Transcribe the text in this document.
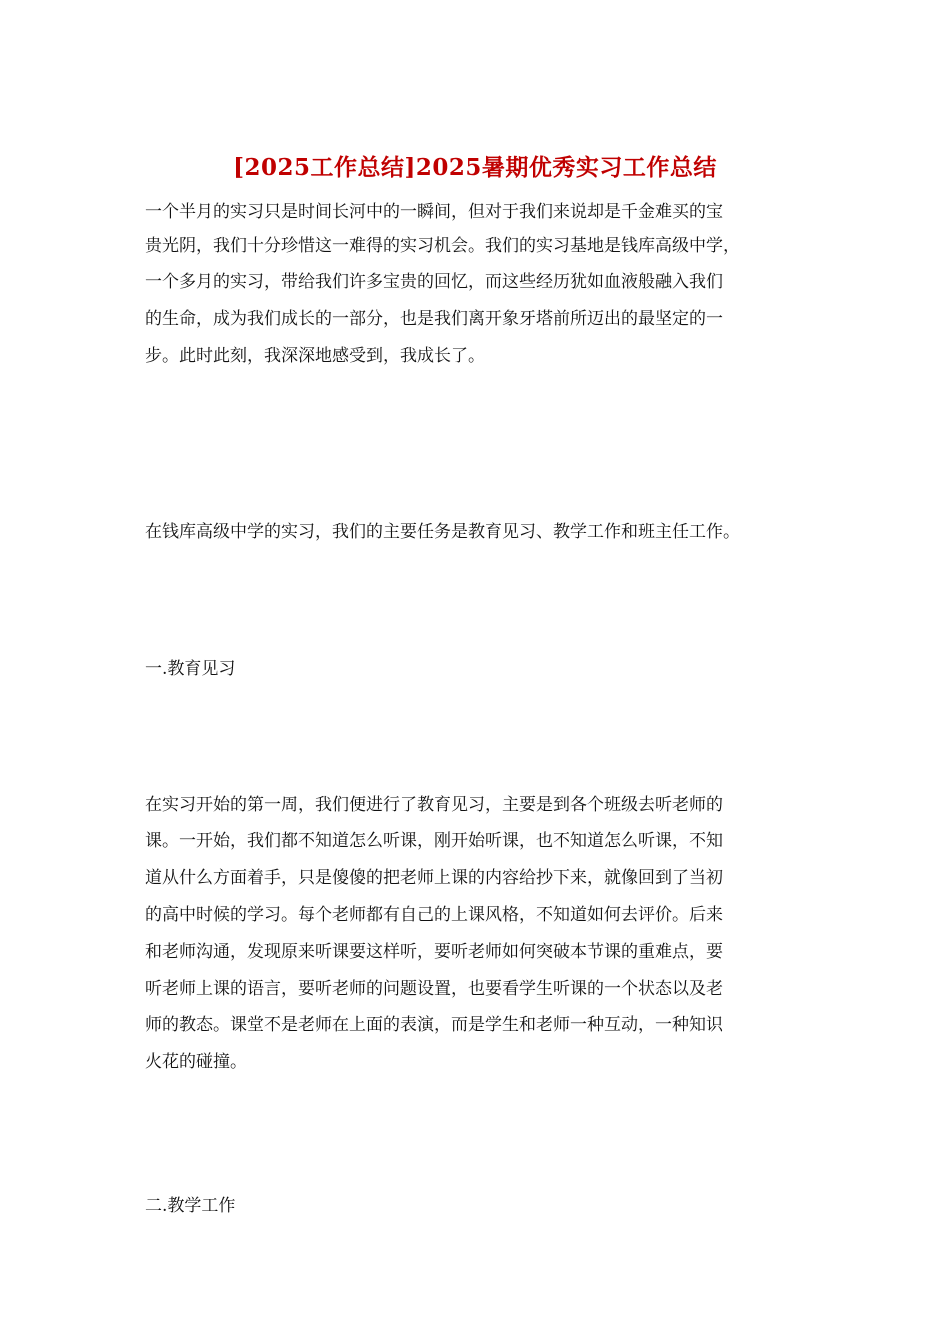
[2025工作总结]2025暑期优秀实习工作总结
一个半月的实习只是时间长河中的一瞬间，但对于我们来说却是千金难买的宝
贵光阴，我们十分珍惜这一难得的实习机会。我们的实习基地是钱库高级中学，
一个多月的实习，带给我们许多宝贵的回忆，而这些经历犹如血液般融入我们
的生命，成为我们成长的一部分，也是我们离开象牙塔前所迈出的最坚定的一
步。此时此刻，我深深地感受到，我成长了。
在钱库高级中学的实习，我们的主要任务是教育见习、教学工作和班主任工作。
一.教育见习
在实习开始的第一周，我们便进行了教育见习，主要是到各个班级去听老师的
课。一开始，我们都不知道怎么听课，刚开始听课，也不知道怎么听课，不知
道从什么方面着手，只是傻傻的把老师上课的内容给抄下来，就像回到了当初
的高中时候的学习。每个老师都有自己的上课风格，不知道如何去评价。后来
和老师沟通，发现原来听课要这样听，要听老师如何突破本节课的重难点，要
听老师上课的语言，要听老师的问题设置，也要看学生听课的一个状态以及老
师的教态。课堂不是老师在上面的表演，而是学生和老师一种互动，一种知识
火花的碰撞。
二.教学工作
